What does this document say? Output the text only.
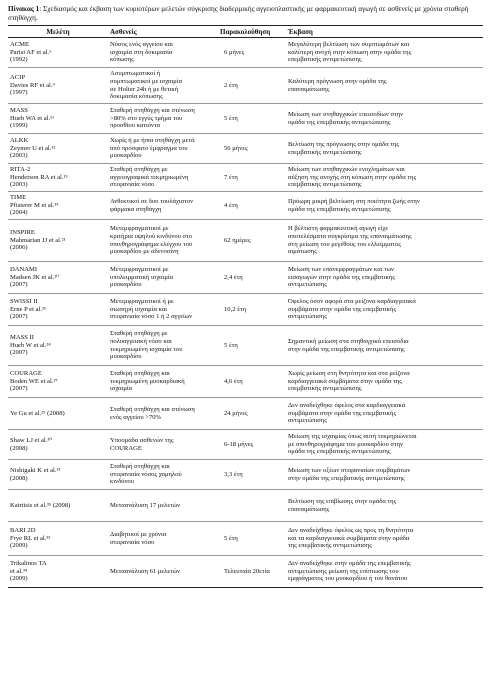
Πίνακας 1: Σχεδιασμός και έκβαση των κυριοτέρων μελετών σύγκρισης διαδερμικής αγγειοπλαστικής με φαρμακευτική αγωγή σε ασθενείς με χρόνια σταθερή στηθάγχη.

Μελέτη	Ασθενείς	Παρακολούθηση	Έκβαση
ACME
Parisi AF et al.⁶
(1992)	Νόσος ενός αγγείου και
ισχαιμία στη δοκιμασία
κόπωσης	6 μήνες	Μεγαλύτερη βελτίωση των συμπτωμάτων και
καλύτερη ανοχή στην κόπωση στην ομάδα της
επεμβατικής αντιμετώπισης
ACIP
Davies RF et al.⁹
(1997)	Ασυμπτωματικοί ή
συμπτωματικοί με ισχαιμία
σε Holter 24h ή με θετική
δοκιμασία κόπωσης	2 έτη	Καλύτερη πρόγνωση στην ομάδα της
επαναιμάτωσης
MASS
Hueb WA et al.¹¹
(1999)	Σταθερή στηθάγχη και στένωση
>80% στο εγγύς τμήμα του
προσθίου κατιόντα	5 έτη	Μείωση των στηθαγχικών επεισοδίων στην
ομάδα της επεμβατικής αντιμετώπισης
ALKK
Zeymer U et al.¹²
(2003)	Χωρίς ή με ήπια στηθάγχη μετά
από πρόσφατο έμφραγμα του
μυοκαρδίου	56 μήνες	Βελτίωση της πρόγνωσης στην ομάδα της
επεμβατικής αντιμετώπισης
RITA-2
Henderson RA et al.¹³
(2003)	Σταθερή στηθάγχη με
αγγειογραφικά τεκμηριωμένη
στεφανιαία νόσο	7 έτη	Μείωση των στηθαγχικών ενοχλημάτων και
αύξηση της ανοχής στη κόπωση στην ομάδα της
επεμβατικής αντιμετώπισης
TIME
Pfisterer M et al.¹⁵
(2004)	Ανθεκτικοί σε δυο τουλάχιστον
φάρμακα στηθάγχη	4 έτη	Πρόωρη μικρή βελτίωση στη ποιότητα ζωής στην
ομάδα της επεμβατικής αντιμετώπισης
INSPIRE
Mahmarian JJ et al.²¹
(2006)	Μετεμφραγματικοί με
κριτήρια υψηλού κινδύνου στο
σπινθηρογράφημα ελέγχου του
μυοκαρδίου με αδενοσίνη	62 ημέρες	Η βέλτιστη φαρμακευτική αγωγή είχε
αποτελέσματα συγκρίσιμα της επαναιμάτωσης
στη μείωση του μεγέθους του ελλείμματος
αιμάτωσης
DANAMI
Madsen JK et al.²⁰
(2007)	Μετεμφραγματικοί με
υπολειμματική ισχαιμία
μυοκαρδίου	2,4 έτη	Μείωση των επανεμφραγμάτων και των
εισαγωγών στην ομάδα της επεμβατικής
αντιμετώπισης
SWISSI II
Erne P et al.²⁶
(2007)	Μετεμφραγματικοί ή με
σιωπηρή ισχαιμία και
στεφανιαία νόσο 1 ή 2 αγγείων	10,2 έτη	Όφελος όσον αφορά στα μείζονα καρδιαγγειακά
συμβάματα στην ομάδα της επεμβατικής
αντιμετώπισης
MASS II
Hueb W et al.²⁴
(2007)	Σταθερή στηθάγχη με
πολυαγγειακή νόσο και
τεκμηριωμένη ισχαιμία του
μυοκαρδίου	5 έτη	Σημαντική μείωση στα στηθαγχικά επεισόδια
στην ομάδα της επεμβατικής αντιμετώπισης
COURAGE
Boden WE et al.²⁷
(2007)	Σταθερή στηθάγχη και
τεκμηριωμένη μυοκαρδιακή
ισχαιμία	4,6 έτη	Χωρίς μείωση στη θνητότητα και στα μείζονα
καρδιαγγειακά συμβάματα στην ομάδα της
επεμβατικής αντιμετώπισης
Ye Gu et al.²⁹ (2008)	Σταθερή στηθάγχη και στένωση
ενός αγγείου >70%	24 μήνες	Δεν αναδείχθηκε όφελος στα καρδιαγγειακά
συμβάματα στην ομάδα της επεμβατικής
αντιμετώπισης
Shaw LJ et al.³⁰
(2008)	Υποομάδα ασθενών της
COURAGE	6-18 μήνες	Μείωση της ισχαιμίας όπως αυτή τεκμηριώνεται
με σπινθηρογράφημα του μυοκαρδίου στην
ομάδα της επεμβατικής αντιμετώπισης
Nishigaki K et al.³¹
(2008)	Σταθερή στηθάγχη και
στεφανιαία νόσος χαμηλού
κινδύνου	3,3 έτη	Μείωση των οξέων στεφανιαίων συμβαμάτων
στην ομάδα της επεμβατικής αντιμετώπισης
Katritsis et al.³⁵ (2008)	Μεταανάλυση 17 μελετών		Βελτίωση της επιβίωσης στην ομάδα της
επαναιμάτωσης
BARI 2D
Frye RL et al.³³
(2009)	Διαβητικοί με χρόνια
στεφανιαία νόσο	5 έτη	Δεν αναδείχθηκε όφελος ως προς τη θνητότητα
και τα καρδιαγγειακά συμβάματα στην ομάδα
της επεμβατικής αντιμετώπισης
Trikalinos TA
et al.³⁴
(2009)	Μεταανάλυση 61 μελετών	Τελευταία 20ετία	Δεν αναδείχθηκε στην ομάδα της επεμβατικής
αντιμετώπισης μείωση της επίπτωσης του
εμφράγματος του μυοκαρδίου ή του θανάτου
